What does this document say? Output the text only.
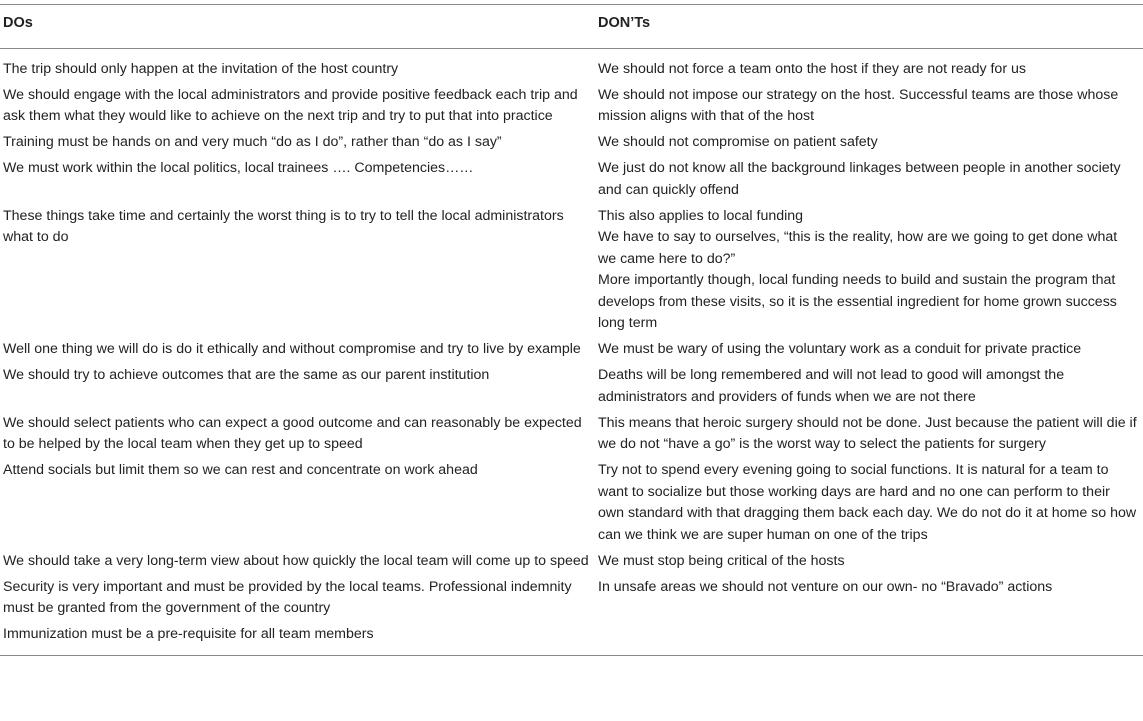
DOs	DON’Ts
The trip should only happen at the invitation of the host country	We should not force a team onto the host if they are not ready for us

We should engage with the local administrators and provide positive feedback each trip and ask them what they would like to achieve on the next trip and try to put that into practice	We should not impose our strategy on the host. Successful teams are those whose mission aligns with that of the host

Training must be hands on and very much “do as I do”, rather than “do as I say”	We should not compromise on patient safety

We must work within the local politics, local trainees …. Competencies……	We just do not know all the background linkages between people in another society and can quickly offend

These things take time and certainly the worst thing is to try to tell the local administrators what to do	This also applies to local funding
We have to say to ourselves, “this is the reality, how are we going to get done what we came here to do?”
More importantly though, local funding needs to build and sustain the program that develops from these visits, so it is the essential ingredient for home grown success long term

Well one thing we will do is do it ethically and without compromise and try to live by example	We must be wary of using the voluntary work as a conduit for private practice

We should try to achieve outcomes that are the same as our parent institution	Deaths will be long remembered and will not lead to good will amongst the administrators and providers of funds when we are not there

We should select patients who can expect a good outcome and can reasonably be expected to be helped by the local team when they get up to speed	This means that heroic surgery should not be done. Just because the patient will die if we do not “have a go” is the worst way to select the patients for surgery

Attend socials but limit them so we can rest and concentrate on work ahead	Try not to spend every evening going to social functions. It is natural for a team to want to socialize but those working days are hard and no one can perform to their own standard with that dragging them back each day. We do not do it at home so how can we think we are super human on one of the trips

We should take a very long-term view about how quickly the local team will come up to speed	We must stop being critical of the hosts

Security is very important and must be provided by the local teams. Professional indemnity must be granted from the government of the country	In unsafe areas we should not venture on our own- no “Bravado” actions

Immunization must be a pre-requisite for all team members	
